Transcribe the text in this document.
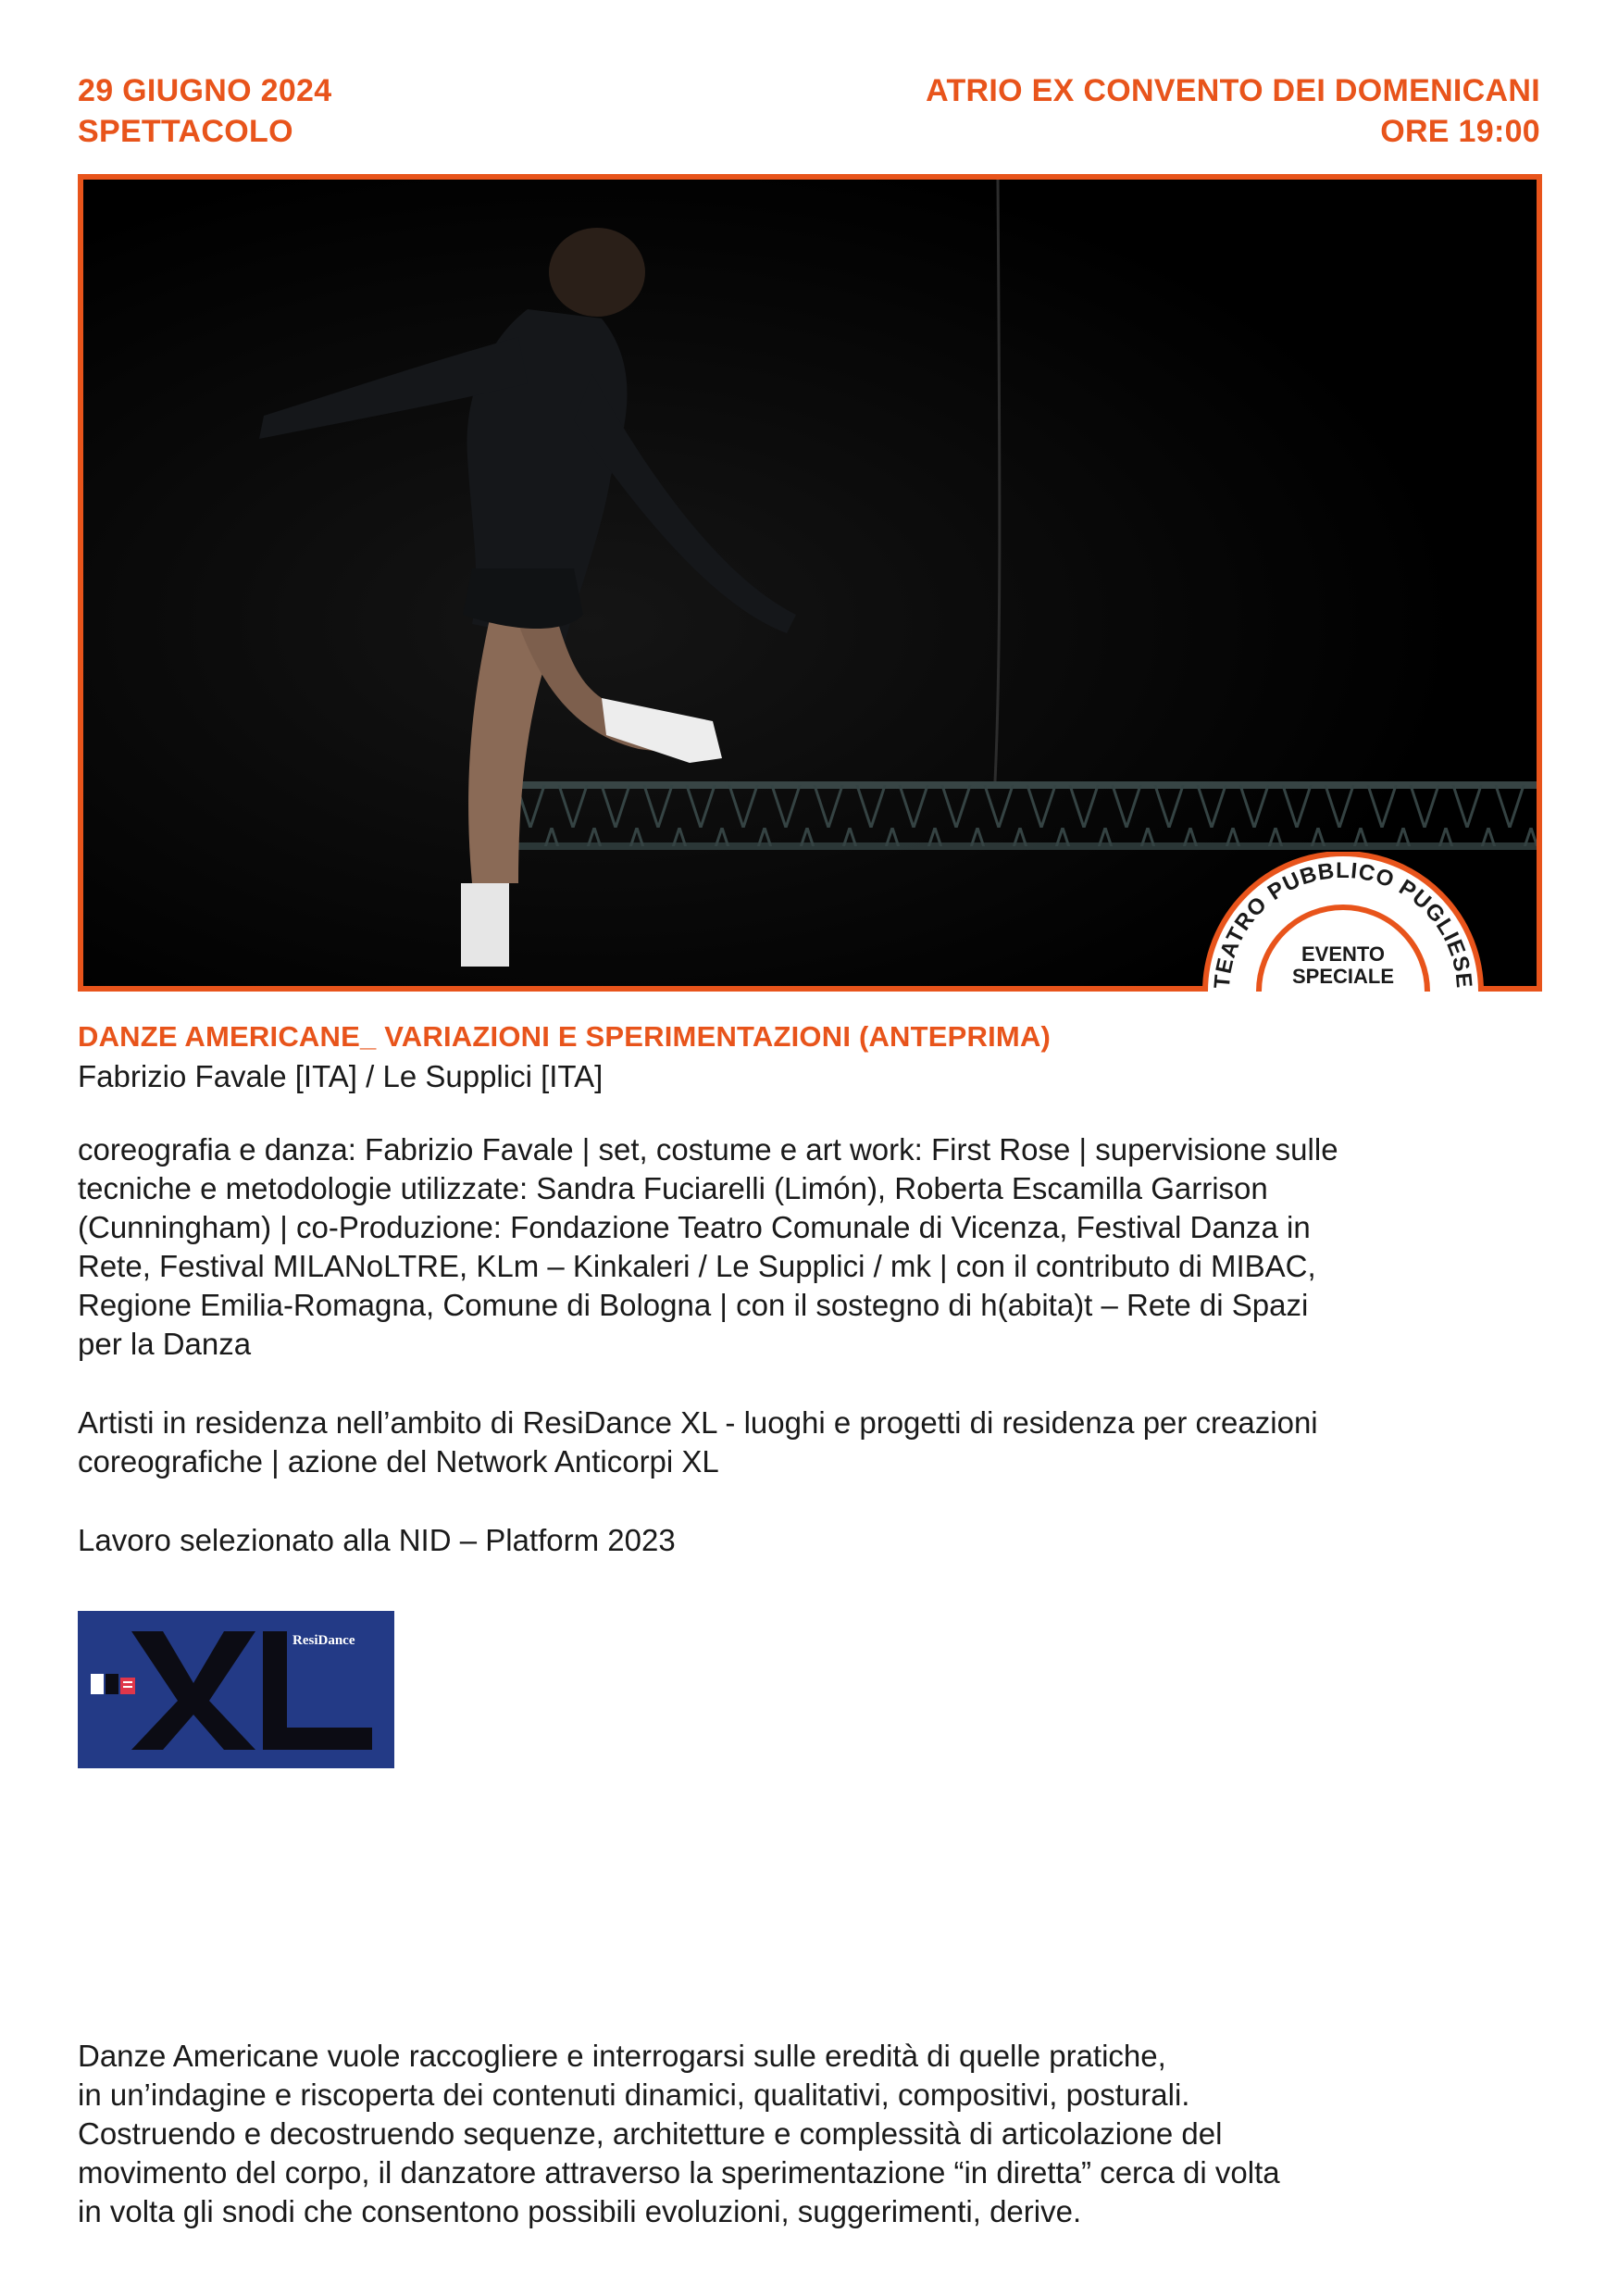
29 GIUGNO 2024
SPETTACOLO
ATRIO EX CONVENTO DEI DOMENICANI
ORE 19:00
TEATRO PUBBLICO PUGLIESE
EVENTO
SPECIALE
DANZE AMERICANE_ VARIAZIONI E SPERIMENTAZIONI (ANTEPRIMA)
Fabrizio Favale [ITA] / Le Supplici [ITA]
coreografia e danza: Fabrizio Favale | set, costume e art work: First Rose | supervisione sulle
tecniche e metodologie utilizzate: Sandra Fuciarelli (Limón), Roberta Escamilla Garrison
(Cunningham) | co-Produzione: Fondazione Teatro Comunale di Vicenza, Festival Danza in
Rete, Festival MILANoLTRE, KLm – Kinkaleri / Le Supplici / mk | con il contributo di MIBAC,
Regione Emilia-Romagna, Comune di Bologna | con il sostegno di h(abita)t – Rete di Spazi
per la Danza
Artisti in residenza nell’ambito di ResiDance XL - luoghi e progetti di residenza per creazioni
coreografiche | azione del Network Anticorpi XL
Lavoro selezionato alla NID – Platform 2023
ResiDance
Danze Americane vuole raccogliere e interrogarsi sulle eredità di quelle pratiche,
in un’indagine e riscoperta dei contenuti dinamici, qualitativi, compositivi, posturali.
Costruendo e decostruendo sequenze, architetture e complessità di articolazione del
movimento del corpo, il danzatore attraverso la sperimentazione “in diretta” cerca di volta
in volta gli snodi che consentono possibili evoluzioni, suggerimenti, derive.
